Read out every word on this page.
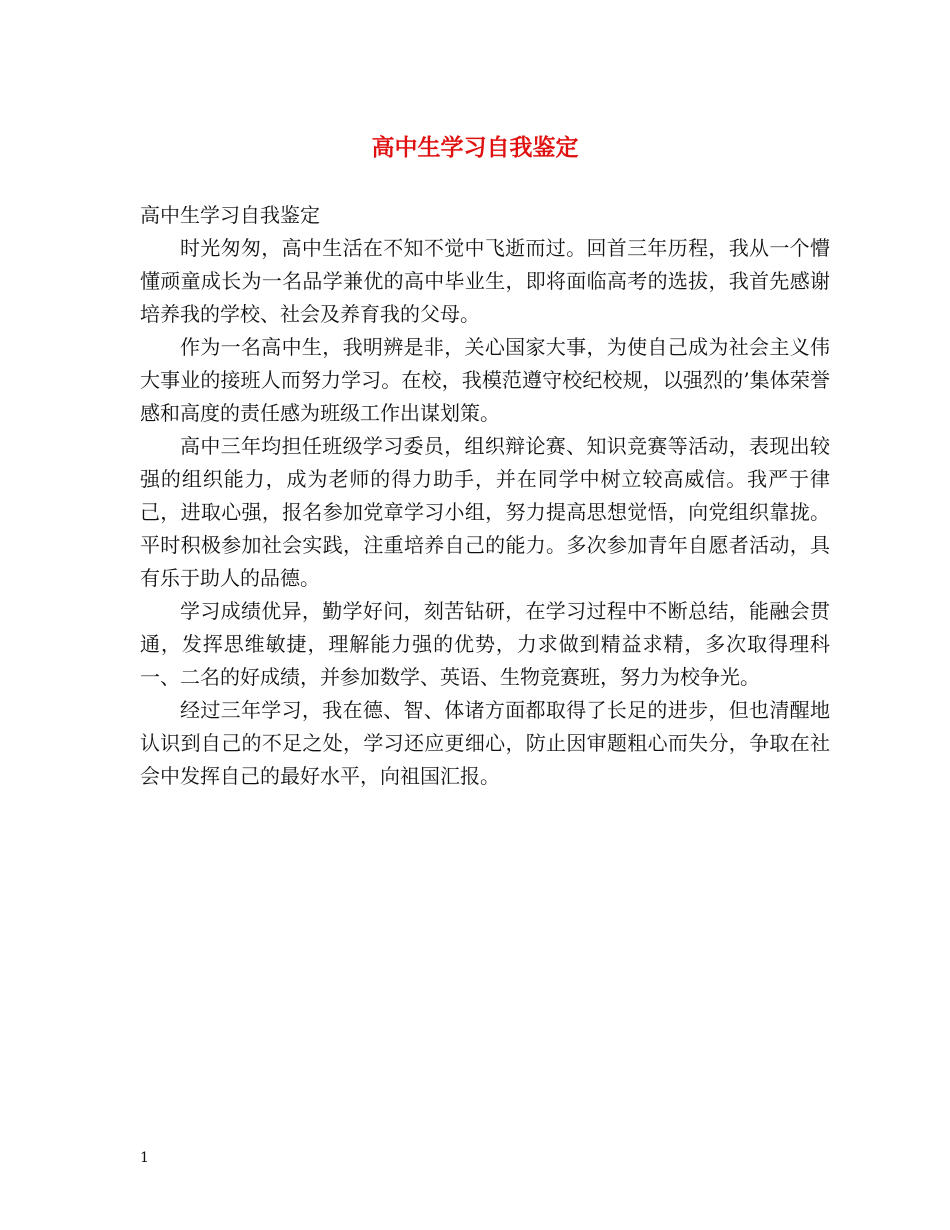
高中生学习自我鉴定

高中生学习自我鉴定

时光匆匆，高中生活在不知不觉中飞逝而过。回首三年历程，我从一个懵懂顽童成长为一名品学兼优的高中毕业生，即将面临高考的选拔，我首先感谢培养我的学校、社会及养育我的父母。

作为一名高中生，我明辨是非，关心国家大事，为使自己成为社会主义伟大事业的接班人而努力学习。在校，我模范遵守校纪校规，以强烈的’集体荣誉感和高度的责任感为班级工作出谋划策。

高中三年均担任班级学习委员，组织辩论赛、知识竞赛等活动，表现出较强的组织能力，成为老师的得力助手，并在同学中树立较高威信。我严于律己，进取心强，报名参加党章学习小组，努力提高思想觉悟，向党组织靠拢。平时积极参加社会实践，注重培养自己的能力。多次参加青年自愿者活动，具有乐于助人的品德。

学习成绩优异，勤学好问，刻苦钻研，在学习过程中不断总结，能融会贯通，发挥思维敏捷，理解能力强的优势，力求做到精益求精，多次取得理科一、二名的好成绩，并参加数学、英语、生物竞赛班，努力为校争光。

经过三年学习，我在德、智、体诸方面都取得了长足的进步，但也清醒地认识到自己的不足之处，学习还应更细心，防止因审题粗心而失分，争取在社会中发挥自己的最好水平，向祖国汇报。

1
